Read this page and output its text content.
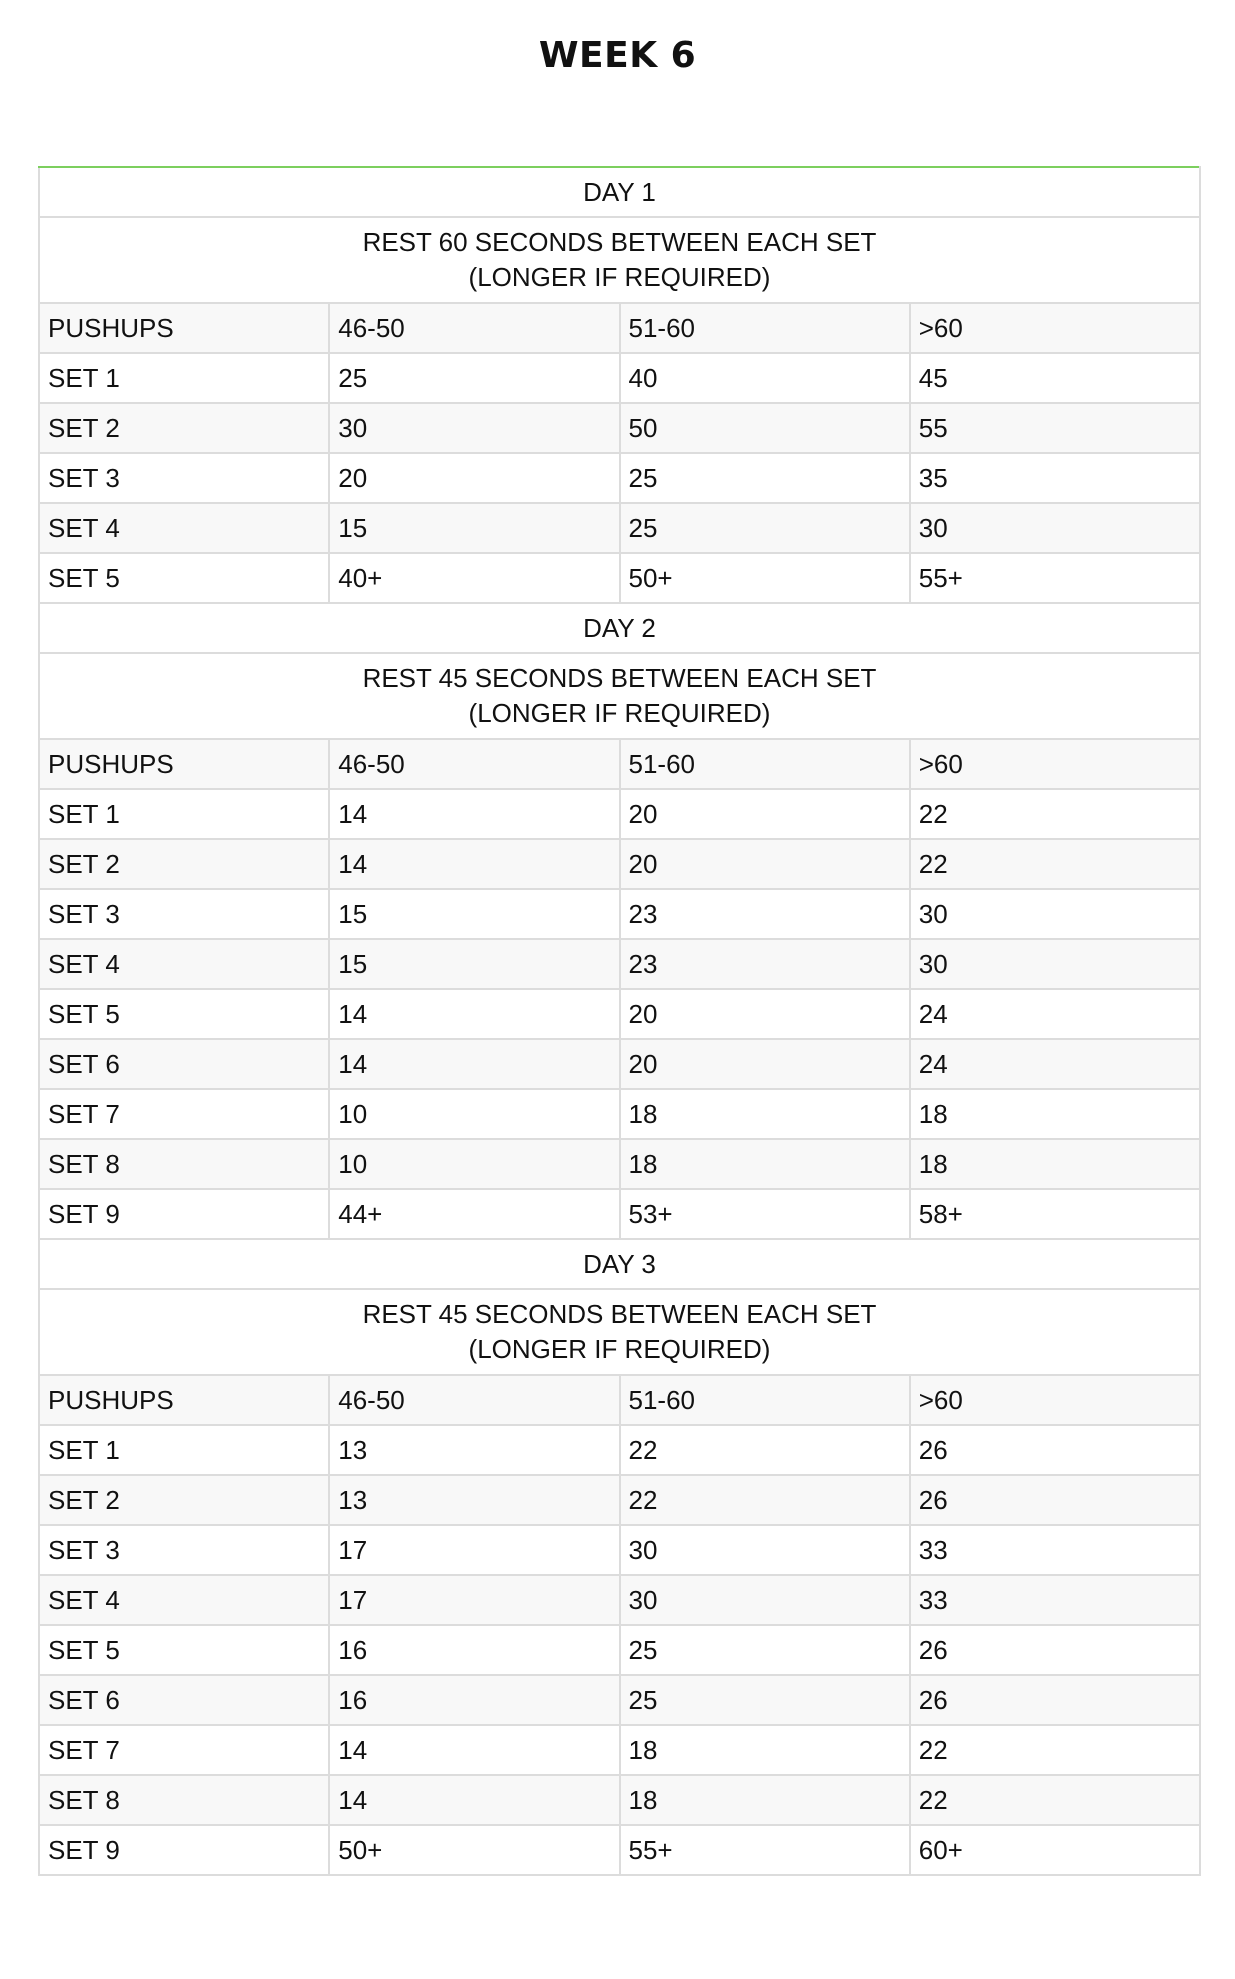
WEEK 6
DAY 1			

REST 60 SECONDS BETWEEN EACH SET
(LONGER IF REQUIRED)			

PUSHUPS	46-50	51-60	>60
SET 1	25	40	45
SET 2	30	50	55
SET 3	20	25	35
SET 4	15	25	30
SET 5	40+	50+	55+
DAY 2			

REST 45 SECONDS BETWEEN EACH SET
(LONGER IF REQUIRED)			

PUSHUPS	46-50	51-60	>60
SET 1	14	20	22
SET 2	14	20	22
SET 3	15	23	30
SET 4	15	23	30
SET 5	14	20	24
SET 6	14	20	24
SET 7	10	18	18
SET 8	10	18	18
SET 9	44+	53+	58+
DAY 3			

REST 45 SECONDS BETWEEN EACH SET
(LONGER IF REQUIRED)			

PUSHUPS	46-50	51-60	>60
SET 1	13	22	26
SET 2	13	22	26
SET 3	17	30	33
SET 4	17	30	33
SET 5	16	25	26
SET 6	16	25	26
SET 7	14	18	22
SET 8	14	18	22
SET 9	50+	55+	60+
